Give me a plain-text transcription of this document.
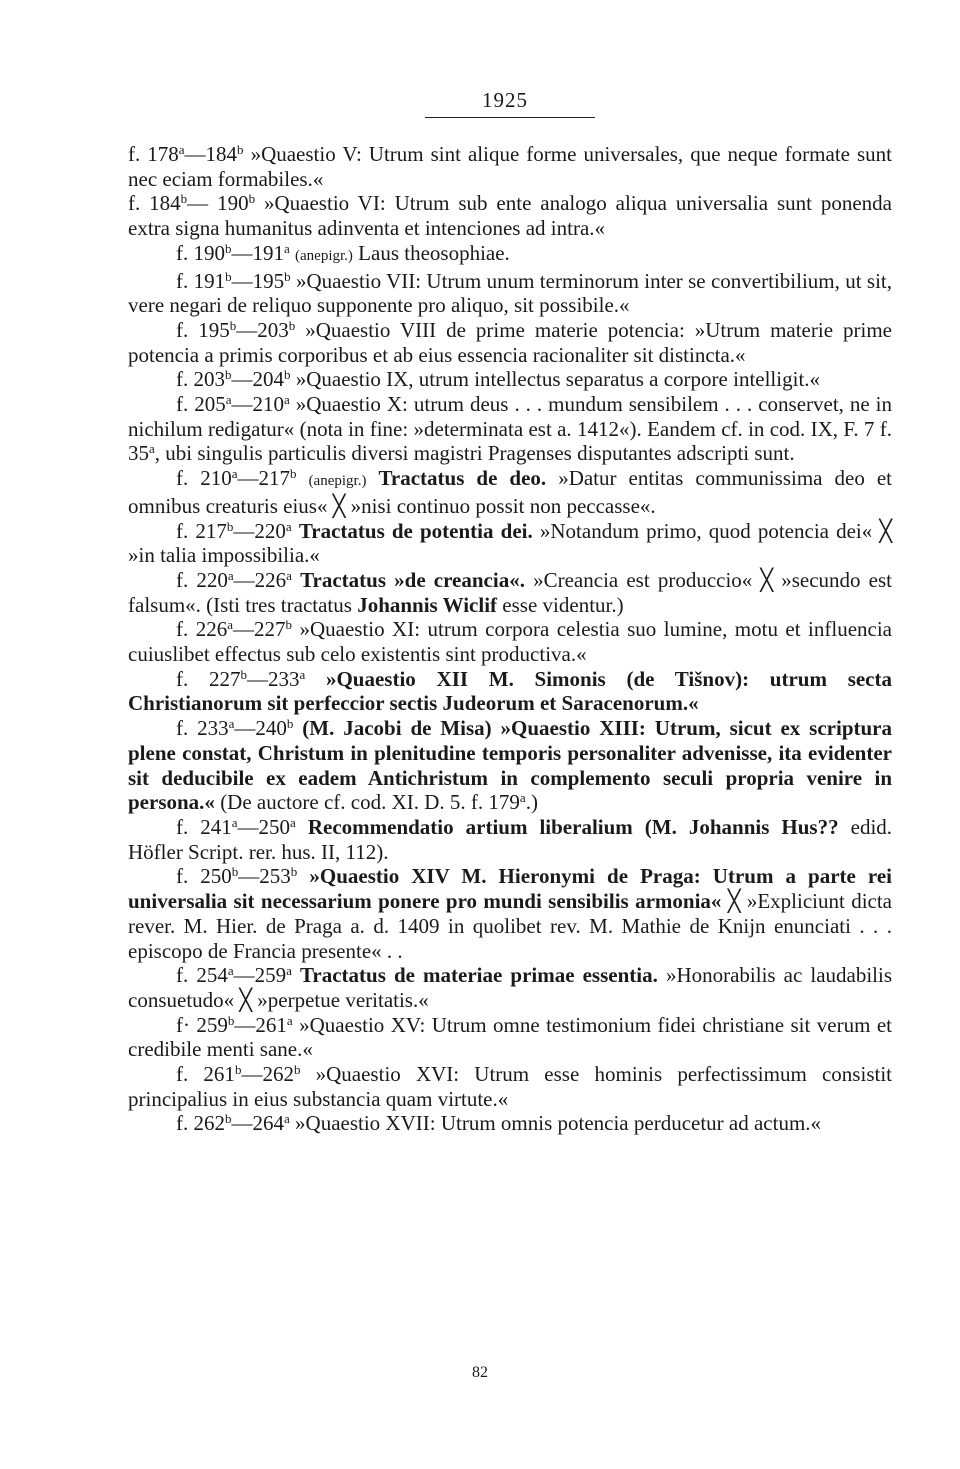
1925

f. 178$^a$—184$^b$ »Quaestio V: Utrum sint alique forme universales, que neque formate sunt nec eciam formabiles.«

f. 184$^b$— 190$^b$ »Quaestio VI: Utrum sub ente analogo aliqua universalia sunt ponenda extra signa humanitus adinventa et intenciones ad intra.«

f. 190$^b$—191$^a$ (anepigr.) Laus theosophiae.

f. 191$^b$—195$^b$ »Quaestio VII: Utrum unum terminorum inter se convertibilium, ut sit, vere negari de reliquo supponente pro aliquo, sit possibile.«

f. 195$^b$—203$^b$ »Quaestio VIII de prime materie potencia: »Utrum materie prime potencia a primis corporibus et ab eius essencia racionaliter sit distincta.«

f. 203$^b$—204$^b$ »Quaestio IX, utrum intellectus separatus a corpore intelligit.«

f. 205$^a$—210$^a$ »Quaestio X: utrum deus . . . mundum sensibilem . . . conservet, ne in nichilum redigatur« (nota in fine: »determinata est a. 1412«). Eandem cf. in cod. IX, F. 7 f. 35$^a$, ubi singulis particulis diversi magistri Pragenses disputantes adscripti sunt.

f. 210$^a$—217$^b$ (anepigr.) Tractatus de deo. »Datur entitas communissima deo et omnibus creaturis eius« ╳ »nisi continuo possit non peccasse«.

f. 217$^b$—220$^a$ Tractatus de potentia dei. »Notandum primo, quod potencia dei« ╳ »in talia impossibilia.«

f. 220$^a$—226$^a$ Tractatus »de creancia«. »Creancia est produccio« ╳ »secundo est falsum«. (Isti tres tractatus Johannis Wiclif esse videntur.)

f. 226$^a$—227$^b$ »Quaestio XI: utrum corpora celestia suo lumine, motu et influencia cuiuslibet effectus sub celo existentis sint productiva.«

f. 227$^b$—233$^a$ »Quaestio XII M. Simonis (de Tišnov): utrum secta Christianorum sit perfeccior sectis Judeorum et Saracenorum.«

f. 233$^a$—240$^b$ (M. Jacobi de Misa) »Quaestio XIII: Utrum, sicut ex scriptura plene constat, Christum in plenitudine temporis personaliter advenisse, ita evidenter sit deducibile ex eadem Antichristum in complemento seculi propria venire in persona.« (De auctore cf. cod. XI. D. 5. f. 179$^a$.)

f. 241$^a$—250$^a$ Recommendatio artium liberalium (M. Johannis Hus?? edid. Höfler Script. rer. hus. II, 112).

f. 250$^b$—253$^b$ »Quaestio XIV M. Hieronymi de Praga: Utrum a parte rei universalia sit necessarium ponere pro mundi sensibilis armonia« ╳ »Expliciunt dicta rever. M. Hier. de Praga a. d. 1409 in quolibet rev. M. Mathie de Knijn enunciati . . . episcopo de Francia presente« . .

f. 254$^a$—259$^a$ Tractatus de materiae primae essentia. »Honorabilis ac laudabilis consuetudo« ╳ »perpetue veritatis.«

$f\cdot 259^b—261^a$ »Quaestio XV: Utrum omne testimonium fidei christiane sit verum et credibile menti sane.«

f. 261$^b$—262$^b$ »Quaestio XVI: Utrum esse hominis perfectissimum consistit principalius in eius substancia quam virtute.«

f. 262$^b$—264$^a$ »Quaestio XVII: Utrum omnis potencia perducetur ad actum.«

82
